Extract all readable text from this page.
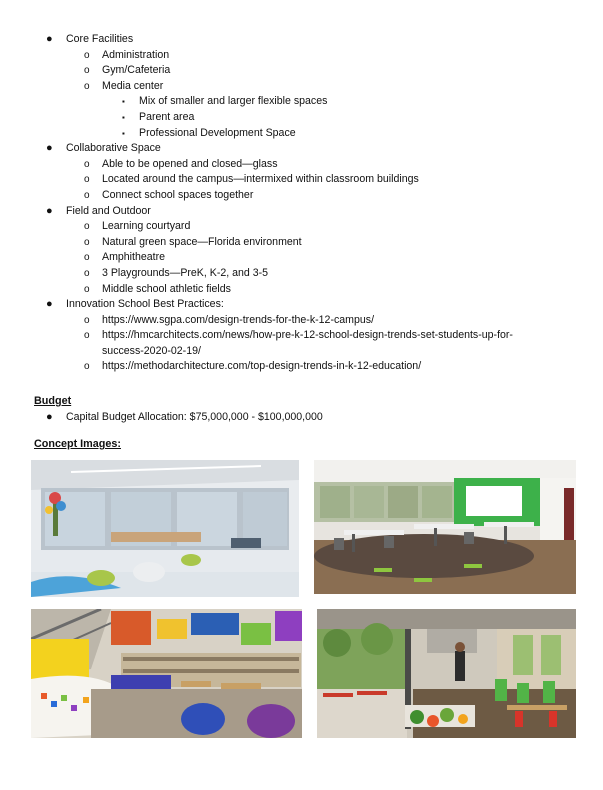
● Core Facilities
o Administration
o Gym/Cafeteria
o Media center
▪ Mix of smaller and larger flexible spaces
▪ Parent area
▪ Professional Development Space
● Collaborative Space
o Able to be opened and closed—glass
o Located around the campus—intermixed within classroom buildings
o Connect school spaces together
● Field and Outdoor
o Learning courtyard
o Natural green space—Florida environment
o Amphitheatre
o 3 Playgrounds—PreK, K-2, and 3-5
o Middle school athletic fields
● Innovation School Best Practices:
o https://www.sgpa.com/design-trends-for-the-k-12-campus/
o https://hmcarchitects.com/news/how-pre-k-12-school-design-trends-set-students-up-for-
success-2020-02-19/
o https://methodarchitecture.com/top-design-trends-in-k-12-education/
Budget
● Capital Budget Allocation: $75,000,000 - $100,000,000
Concept Images:
